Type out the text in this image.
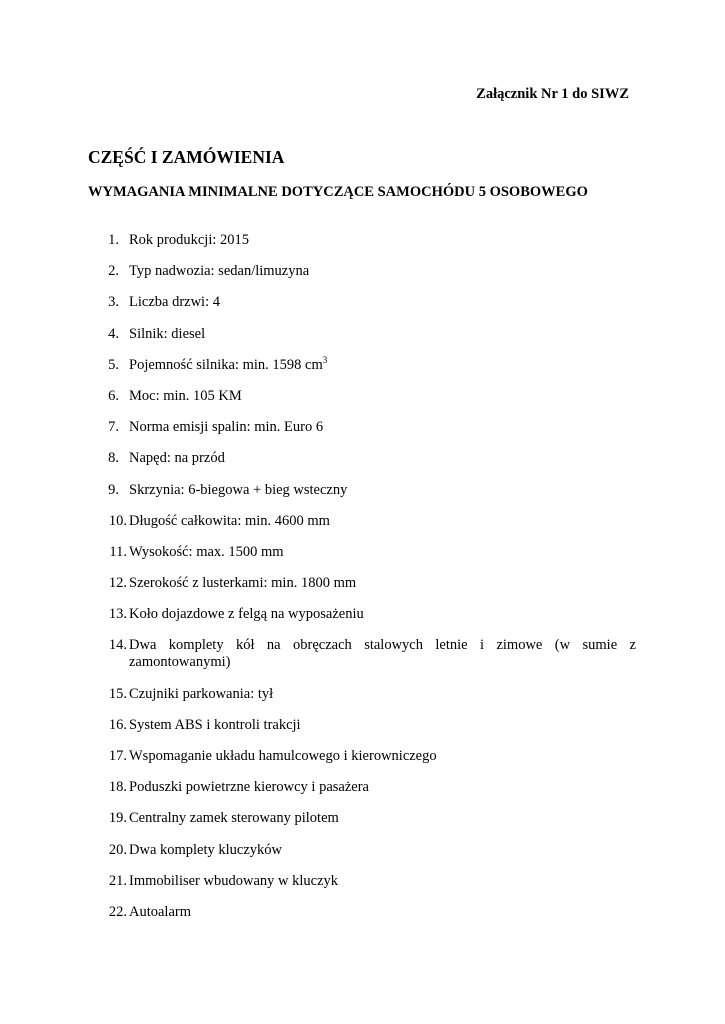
Załącznik Nr 1 do SIWZ
CZĘŚĆ I ZAMÓWIENIA
WYMAGANIA MINIMALNE DOTYCZĄCE SAMOCHÓDU 5 OSOBOWEGO
1. Rok produkcji: 2015
2. Typ nadwozia: sedan/limuzyna
3. Liczba drzwi: 4
4. Silnik: diesel
5. Pojemność silnika: min. 1598 $cm^3$
6. Moc: min. 105 KM
7. Norma emisji spalin: min. Euro 6
8. Napęd: na przód
9. Skrzynia: 6-biegowa + bieg wsteczny
10. Długość całkowita: min. 4600 mm
11. Wysokość: max. 1500 mm
12. Szerokość z lusterkami: min. 1800 mm
13. Koło dojazdowe z felgą na wyposażeniu
14. Dwa komplety kół na obręczach stalowych letnie i zimowe (w sumie z zamontowanymi)
15. Czujniki parkowania: tył
16. System ABS i kontroli trakcji
17. Wspomaganie układu hamulcowego i kierowniczego
18. Poduszki powietrzne kierowcy i pasażera
19. Centralny zamek sterowany pilotem
20. Dwa komplety kluczyków
21. Immobiliser wbudowany w kluczyk
22. Autoalarm
